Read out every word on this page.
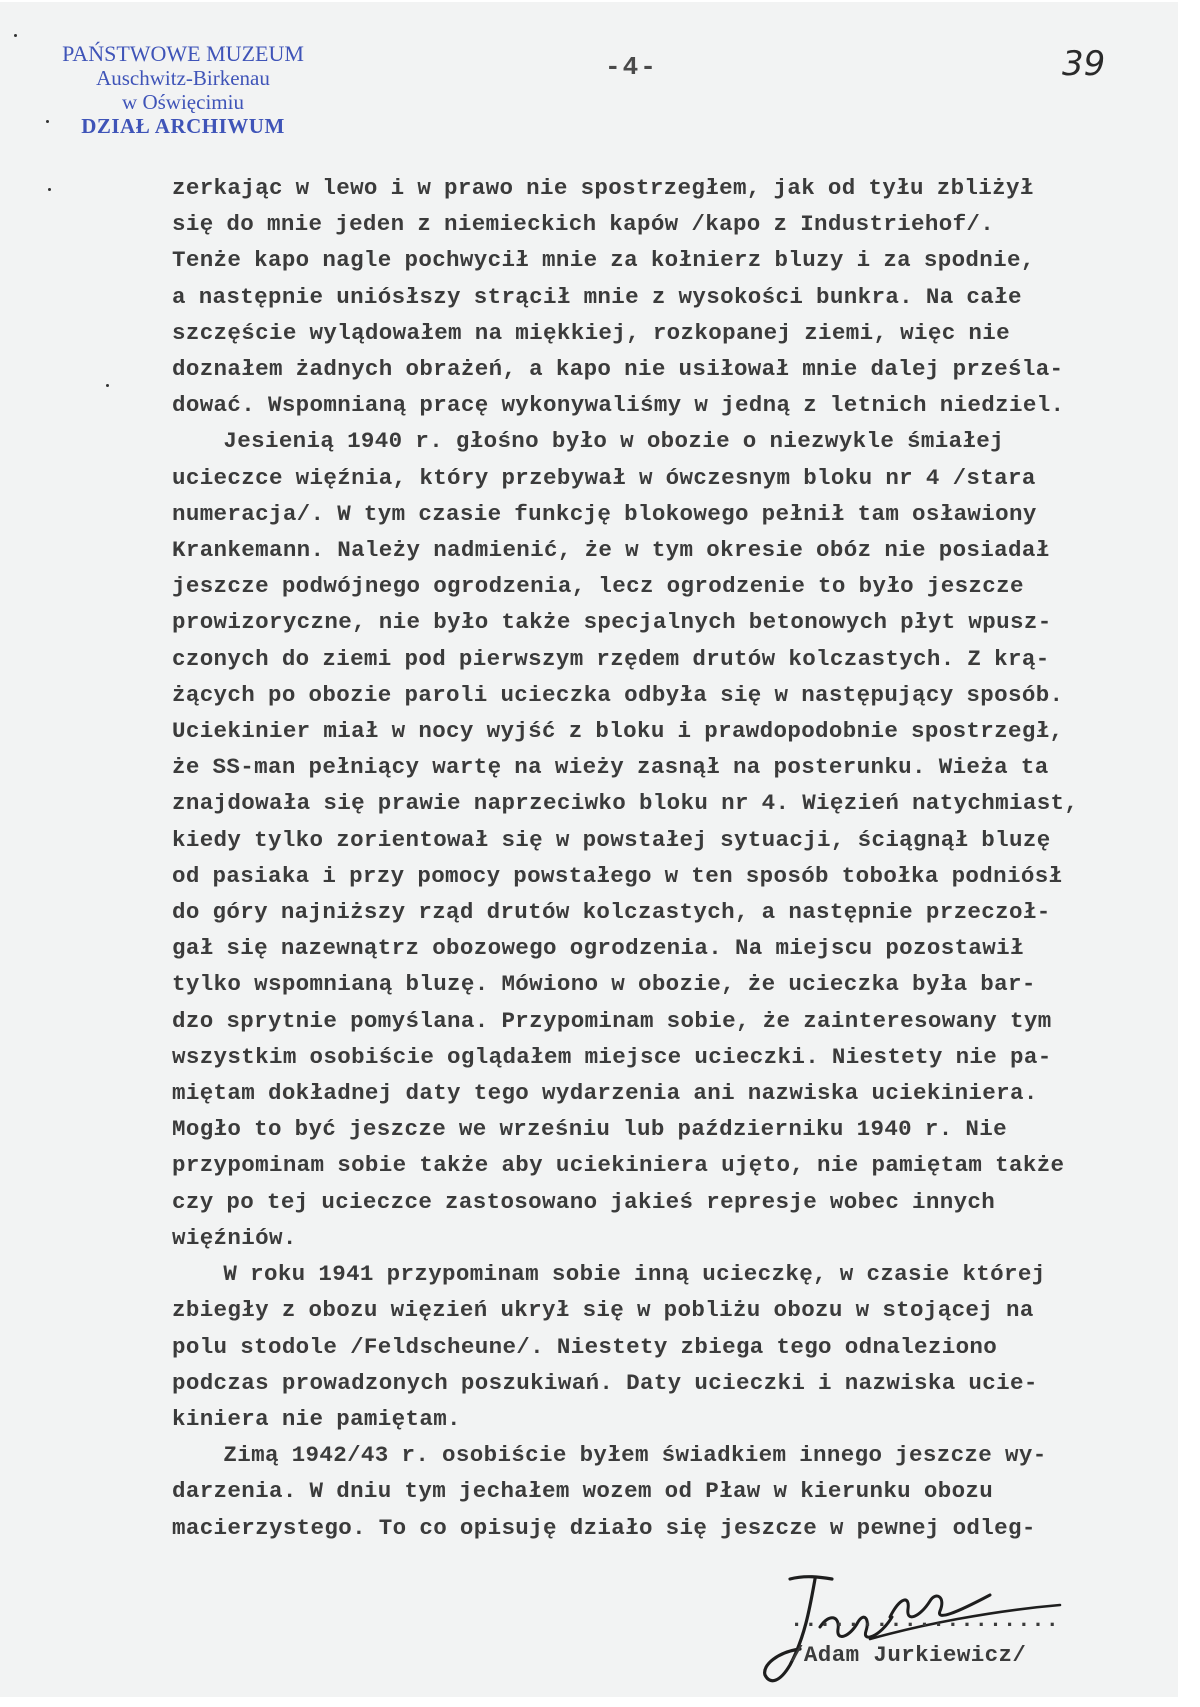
PAŃSTWOWE MUZEUM
Auschwitz-Birkenau
w Oświęcimiu
DZIAŁ ARCHIWUM
-4-	39
zerkając w lewo i w prawo nie spostrzegłem, jak od tyłu zbliżył
się do mnie jeden z niemieckich kapów /kapo z Industriehof/.
Tenże kapo nagle pochwycił mnie za kołnierz bluzy i za spodnie,
a następnie uniósłszy strącił mnie z wysokości bunkra. Na całe
szczęście wylądowałem na miękkiej, rozkopanej ziemi, więc nie
doznałem żadnych obrażeń, a kapo nie usiłował mnie dalej prześla-
dować. Wspomnianą pracę wykonywaliśmy w jedną z letnich niedziel.
Jesienią 1940 r. głośno było w obozie o niezwykle śmiałej
ucieczce więźnia, który przebywał w ówczesnym bloku nr 4 /stara
numeracja/. W tym czasie funkcję blokowego pełnił tam osławiony
Krankemann. Należy nadmienić, że w tym okresie obóz nie posiadał
jeszcze podwójnego ogrodzenia, lecz ogrodzenie to było jeszcze
prowizoryczne, nie było także specjalnych betonowych płyt wpusz-
czonych do ziemi pod pierwszym rzędem drutów kolczastych. Z krą-
żących po obozie paroli ucieczka odbyła się w następujący sposób.
Uciekinier miał w nocy wyjść z bloku i prawdopodobnie spostrzegł,
że SS-man pełniący wartę na wieży zasnął na posterunku. Wieża ta
znajdowała się prawie naprzeciwko bloku nr 4. Więzień natychmiast,
kiedy tylko zorientował się w powstałej sytuacji, ściągnął bluzę
od pasiaka i przy pomocy powstałego w ten sposób tobołka podniósł
do góry najniższy rząd drutów kolczastych, a następnie przeczoł-
gał się nazewnątrz obozowego ogrodzenia. Na miejscu pozostawił
tylko wspomnianą bluzę. Mówiono w obozie, że ucieczka była bar-
dzo sprytnie pomyślana. Przypominam sobie, że zainteresowany tym
wszystkim osobiście oglądałem miejsce ucieczki. Niestety nie pa-
miętam dokładnej daty tego wydarzenia ani nazwiska uciekiniera.
Mogło to być jeszcze we wrześniu lub październiku 1940 r. Nie
przypominam sobie także aby uciekiniera ujęto, nie pamiętam także
czy po tej ucieczce zastosowano jakieś represje wobec innych
więźniów.
W roku 1941 przypominam sobie inną ucieczkę, w czasie której
zbiegły z obozu więzień ukrył się w pobliżu obozu w stojącej na
polu stodole /Feldscheune/. Niestety zbiega tego odnaleziono
podczas prowadzonych poszukiwań. Daty ucieczki i nazwiska ucie-
kiniera nie pamiętam.
Zimą 1942/43 r. osobiście byłem świadkiem innego jeszcze wy-
darzenia. W dniu tym jechałem wozem od Pław w kierunku obozu
macierzystego. To co opisuję działo się jeszcze w pewnej odleg-
...................
/Adam Jurkiewicz/
